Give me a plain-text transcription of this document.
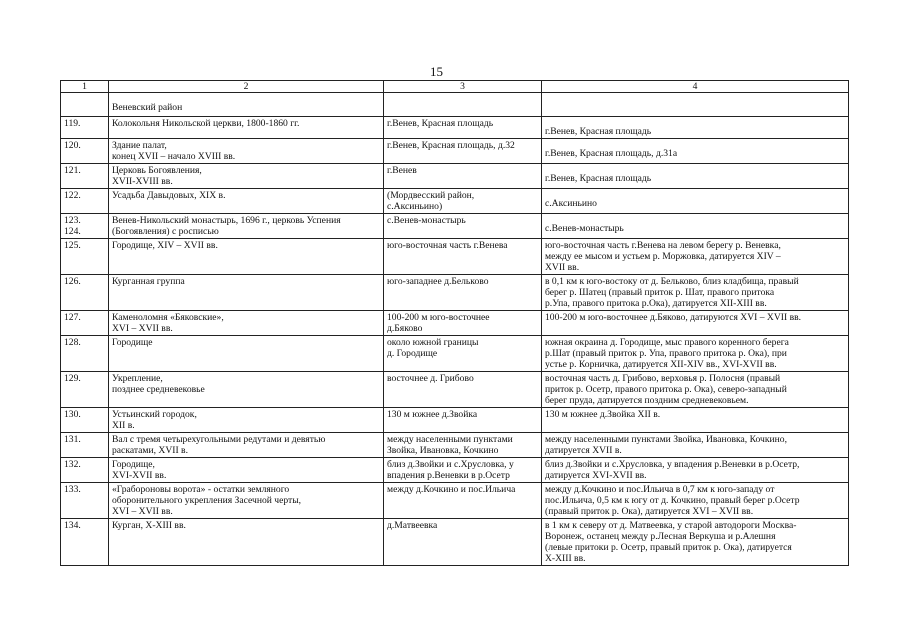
15
1	2	3	4
	Веневский район		
119.	Колокольня Никольской церкви, 1800-1860 гг.	г.Венев, Красная площадь	г.Венев, Красная площадь
120.	Здание палат,
конец XVII – начало XVIII вв.	г.Венев, Красная площадь, д.32	г.Венев, Красная площадь, д.31а
121.	Церковь Богоявления,
XVII-XVIII вв.	г.Венев	г.Венев, Красная площадь
122.	Усадьба Давыдовых, XIX в.	(Мордвесский район,
с.Аксиньино)	с.Аксиньино
123.
124.	Венев-Никольский монастырь, 1696 г., церковь Успения
(Богоявления) с росписью	с.Венев-монастырь	с.Венев-монастырь
125.	Городище, XIV – XVII вв.	юго-восточная часть г.Венева	юго-восточная часть г.Венева на левом берегу р. Веневка,
между ее мысом и устьем р. Моржовка, датируется XIV –
XVII вв.
126.	Курганная группа	юго-западнее д.Бельково	в 0,1 км к юго-востоку от д. Бельково, близ кладбища, правый
берег р. Шатец (правый приток р. Шат, правого притока
р.Упа, правого притока р.Ока), датируется XII-XIII вв.
127.	Каменоломня «Бяковские»,
XVI – XVII вв.	100-200 м юго-восточнее
д.Бяково	100-200 м юго-восточнее д.Бяково, датируются XVI – XVII вв.
128.	Городище	около южной границы
д. Городище	южная окраина д. Городище, мыс правого коренного берега
р.Шат (правый приток р. Упа, правого притока р. Ока), при
устье р. Корничка, датируется XII-XIV вв., XVI-XVII вв.
129.	Укрепление,
позднее средневековье	восточнее д. Грибово	восточная часть д. Грибово, верховья р. Полосня (правый
приток р. Осетр, правого притока р. Ока), северо-западный
берег пруда, датируется поздним средневековьем.
130.	Устьинский городок,
XII в.	130 м южнее д.Звойка	130 м южнее д.Звойка XII в.
131.	Вал с тремя четырехугольными редутами и девятью
раскатами, XVII в.	между населенными пунктами
Звойка, Ивановка, Кочкино	между населенными пунктами Звойка, Ивановка, Кочкино,
датируется XVII в.
132.	Городище,
XVI-XVII вв.	близ д.Звойки и с.Хрусловка, у
впадения р.Веневки в р.Осетр	близ д.Звойки и с.Хрусловка, у впадения р.Веневки в р.Осетр,
датируется XVI-XVII вв.
133.	«Грабороновы ворота» - остатки земляного
оборонительного укрепления Засечной черты,
XVI – XVII вв.	между д.Кочкино и пос.Ильича	между д.Кочкино и пос.Ильича в 0,7 км к юго-западу от
пос.Ильича, 0,5 км к югу от д. Кочкино, правый берег р.Осетр
(правый приток р. Ока), датируется XVI – XVII вв.
134.	Курган, X-XIII вв.	д.Матвеевка	в 1 км к северу от д. Матвеевка, у старой автодороги Москва-
Воронеж, останец между р.Лесная Веркуша и р.Алешня
(левые притоки р. Осетр, правый приток р. Ока), датируется
X-XIII вв.
